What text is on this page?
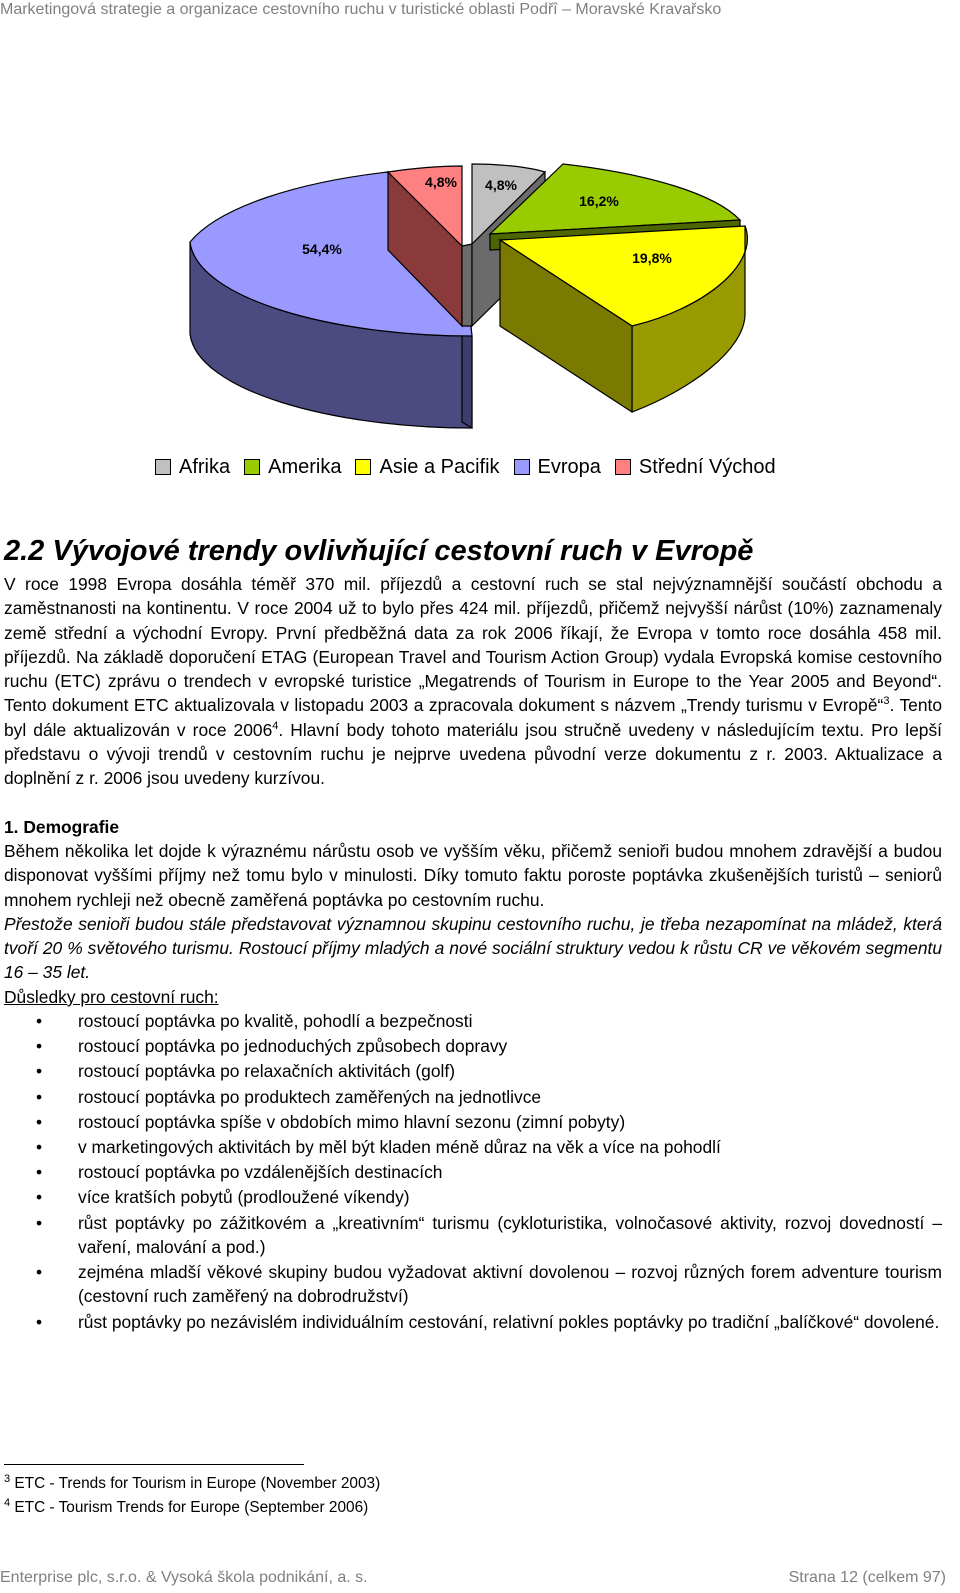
Marketingová strategie a organizace cestovního ruchu v turistické oblasti Podřî – Moravské Kravařsko
54,4%
4,8% 4,8%
16,2%
19,8%
Afrika Amerika Asie a Pacifik Evropa Střední Východ
2.2 Vývojové trendy ovlivňující cestovní ruch v Evropě

V roce 1998 Evropa dosáhla téměř 370 mil. příjezdů a cestovní ruch se stal nejvýznamnější součástí obchodu a zaměstnanosti na kontinentu. V roce 2004 už to bylo přes 424 mil. příjezdů, přičemž nejvyšší nárůst (10%) zaznamenaly země střední a východní Evropy. První předběžná data za rok 2006 říkají, že Evropa v tomto roce dosáhla 458 mil. příjezdů. Na základě doporučení ETAG (European Travel and Tourism Action Group) vydala Evropská komise cestovního ruchu (ETC) zprávu o trendech v evropské turistice „Megatrends of Tourism in Europe to the Year 2005 and Beyond“. Tento dokument ETC aktualizovala v listopadu 2003 a zpracovala dokument s názvem „Trendy turismu v Evropě“$^3$. Tento byl dále aktualizován v roce 2006$^4$. Hlavní body tohoto materiálu jsou stručně uvedeny v následujícím textu. Pro lepší představu o vývoji trendů v cestovním ruchu je nejprve uvedena původní verze dokumentu z r. 2003. Aktualizace a doplnění z r. 2006 jsou uvedeny kurzívou.

1. Demografie

Během několika let dojde k výraznému nárůstu osob ve vyšším věku, přičemž senioři budou mnohem zdravější a budou disponovat vyššími příjmy než tomu bylo v minulosti. Díky tomuto faktu poroste poptávka zkušenějších turistů – seniorů mnohem rychleji než obecně zaměřená poptávka po cestovním ruchu.

Přestože senioři budou stále představovat významnou skupinu cestovního ruchu, je třeba nezapomínat na mládež, která tvoří 20 % světového turismu. Rostoucí příjmy mladých a nové sociální struktury vedou k růstu CR ve věkovém segmentu 16 – 35 let.

Důsledky pro cestovní ruch:
• rostoucí poptávka po kvalitě, pohodlí a bezpečnosti
• rostoucí poptávka po jednoduchých způsobech dopravy
• rostoucí poptávka po relaxačních aktivitách (golf)
• rostoucí poptávka po produktech zaměřených na jednotlivce
• rostoucí poptávka spíše v obdobích mimo hlavní sezonu (zimní pobyty)
• v marketingových aktivitách by měl být kladen méně důraz na věk a více na pohodlí
• rostoucí poptávka po vzdálenějších destinacích
• více kratších pobytů (prodloužené víkendy)
• růst poptávky po zážitkovém a „kreativním“ turismu (cykloturistika, volnočasové aktivity, rozvoj dovedností – vaření, malování a pod.)
• zejména mladší věkové skupiny budou vyžadovat aktivní dovolenou – rozvoj různých forem adventure tourism (cestovní ruch zaměřený na dobrodružství)
• růst poptávky po nezávislém individuálním cestování, relativní pokles poptávky po tradiční „balíčkové“ dovolené.
$^3$ ETC - Trends for Tourism in Europe (November 2003)
$^4$ ETC - Tourism Trends for Europe (September 2006)
Enterprise plc, s.r.o. & Vysoká škola podnikání, a. s.	Strana 12 (celkem 97)
